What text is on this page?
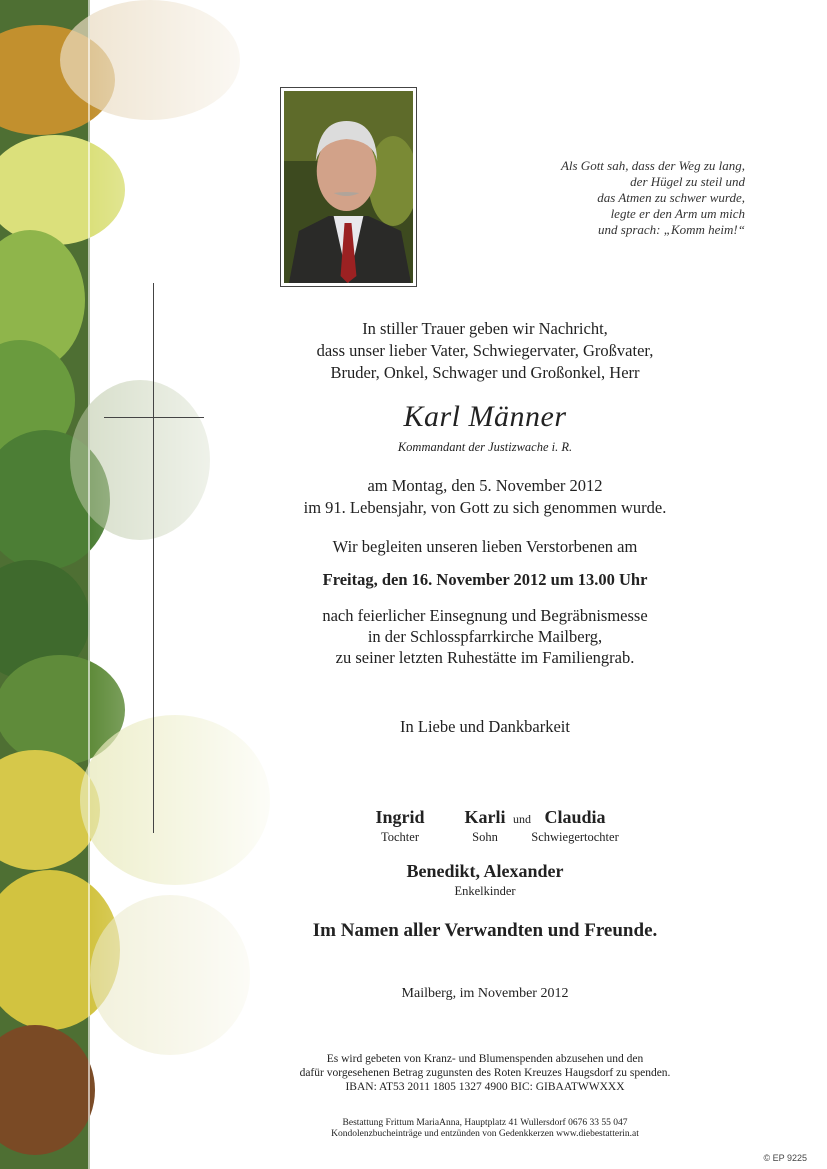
Als Gott sah, dass der Weg zu lang,
der Hügel zu steil und
das Atmen zu schwer wurde,
legte er den Arm um mich
und sprach: „Komm heim!“
In stiller Trauer geben wir Nachricht,
dass unser lieber Vater, Schwiegervater, Großvater,
Bruder, Onkel, Schwager und Großonkel, Herr
Karl Männer
Kommandant der Justizwache i. R.
am Montag, den 5. November 2012
im 91. Lebensjahr, von Gott zu sich genommen wurde.
Wir begleiten unseren lieben Verstorbenen am
Freitag, den 16. November 2012 um 13.00 Uhr
nach feierlicher Einsegnung und Begräbnismesse
in der Schlosspfarrkirche Mailberg,
zu seiner letzten Ruhestätte im Familiengrab.
In Liebe und Dankbarkeit
Ingrid
Tochter
Karli
Sohn
und Claudia
Schwiegertochter
Benedikt, Alexander
Enkelkinder
Im Namen aller Verwandten und Freunde.
Mailberg, im November 2012
Es wird gebeten von Kranz- und Blumenspenden abzusehen und den
dafür vorgesehenen Betrag zugunsten des Roten Kreuzes Haugsdorf zu spenden.
IBAN: AT53 2011 1805 1327 4900 BIC: GIBAATWWXXX
Bestattung Frittum MariaAnna, Hauptplatz 41 Wullersdorf 0676 33 55 047
Kondolenzbucheinträge und entzünden von Gedenkkerzen www.diebestatterin.at
© EP 9225
